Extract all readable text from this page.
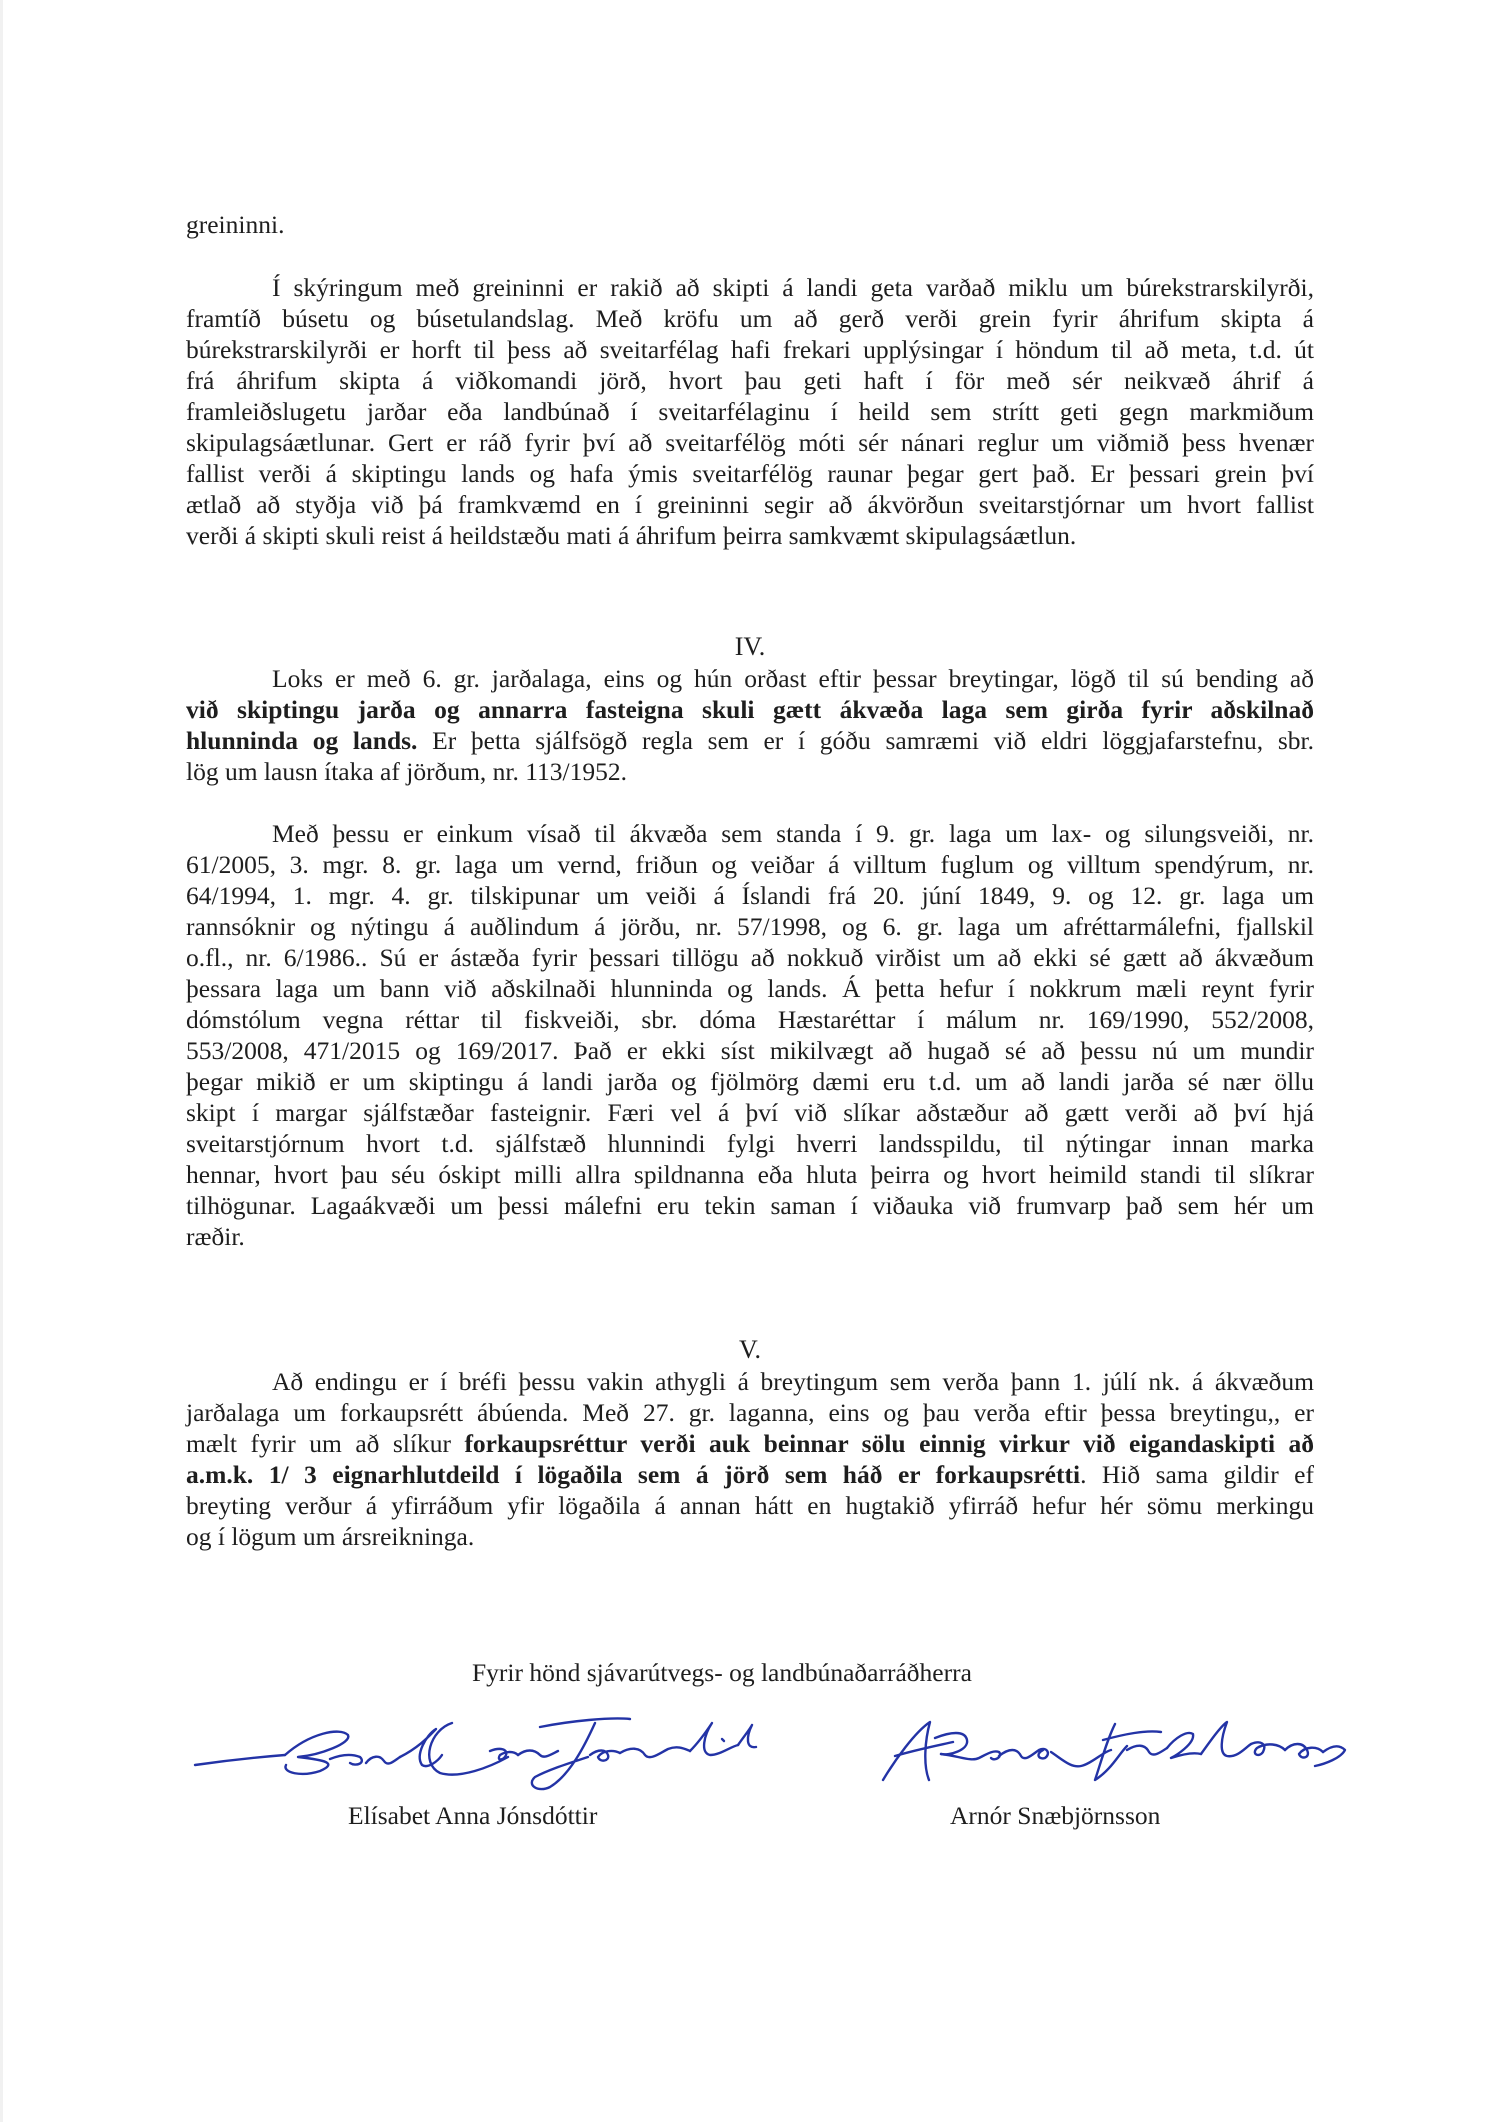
greininni.
Í skýringum með greininni er rakið að skipti á landi geta varðað miklu um búrekstrarskilyrði,
framtíð búsetu og búsetulandslag. Með kröfu um að gerð verði grein fyrir áhrifum skipta á
búrekstrarskilyrði er horft til þess að sveitarfélag hafi frekari upplýsingar í höndum til að meta, t.d. út
frá áhrifum skipta á viðkomandi jörð, hvort þau geti haft í för með sér neikvæð áhrif á
framleiðslugetu jarðar eða landbúnað í sveitarfélaginu í heild sem strítt geti gegn markmiðum
skipulagsáætlunar. Gert er ráð fyrir því að sveitarfélög móti sér nánari reglur um viðmið þess hvenær
fallist verði á skiptingu lands og hafa ýmis sveitarfélög raunar þegar gert það. Er þessari grein því
ætlað að styðja við þá framkvæmd en í greininni segir að ákvörðun sveitarstjórnar um hvort fallist
verði á skipti skuli reist á heildstæðu mati á áhrifum þeirra samkvæmt skipulagsáætlun.
IV.
Loks er með 6. gr. jarðalaga, eins og hún orðast eftir þessar breytingar, lögð til sú bending að
við skiptingu jarða og annarra fasteigna skuli gætt ákvæða laga sem girða fyrir aðskilnað
hlunninda og lands. Er þetta sjálfsögð regla sem er í góðu samræmi við eldri löggjafarstefnu, sbr.
lög um lausn ítaka af jörðum, nr. 113/1952.
Með þessu er einkum vísað til ákvæða sem standa í 9. gr. laga um lax- og silungsveiði, nr.
61/2005, 3. mgr. 8. gr. laga um vernd, friðun og veiðar á villtum fuglum og villtum spendýrum, nr.
64/1994, 1. mgr. 4. gr. tilskipunar um veiði á Íslandi frá 20. júní 1849, 9. og 12. gr. laga um
rannsóknir og nýtingu á auðlindum á jörðu, nr. 57/1998, og 6. gr. laga um afréttarmálefni, fjallskil
o.fl., nr. 6/1986.. Sú er ástæða fyrir þessari tillögu að nokkuð virðist um að ekki sé gætt að ákvæðum
þessara laga um bann við aðskilnaði hlunninda og lands. Á þetta hefur í nokkrum mæli reynt fyrir
dómstólum vegna réttar til fiskveiði, sbr. dóma Hæstaréttar í málum nr. 169/1990, 552/2008,
553/2008, 471/2015 og 169/2017. Það er ekki síst mikilvægt að hugað sé að þessu nú um mundir
þegar mikið er um skiptingu á landi jarða og fjölmörg dæmi eru t.d. um að landi jarða sé nær öllu
skipt í margar sjálfstæðar fasteignir. Færi vel á því við slíkar aðstæður að gætt verði að því hjá
sveitarstjórnum hvort t.d. sjálfstæð hlunnindi fylgi hverri landsspildu, til nýtingar innan marka
hennar, hvort þau séu óskipt milli allra spildnanna eða hluta þeirra og hvort heimild standi til slíkrar
tilhögunar. Lagaákvæði um þessi málefni eru tekin saman í viðauka við frumvarp það sem hér um
ræðir.
V.
Að endingu er í bréfi þessu vakin athygli á breytingum sem verða þann 1. júlí nk. á ákvæðum
jarðalaga um forkaupsrétt ábúenda. Með 27. gr. laganna, eins og þau verða eftir þessa breytingu,, er
mælt fyrir um að slíkur forkaupsréttur verði auk beinnar sölu einnig virkur við eigandaskipti að
a.m.k. 1/ 3 eignarhlutdeild í lögaðila sem á jörð sem háð er forkaupsrétti. Hið sama gildir ef
breyting verður á yfirráðum yfir lögaðila á annan hátt en hugtakið yfirráð hefur hér sömu merkingu
og í lögum um ársreikninga.
Fyrir hönd sjávarútvegs- og landbúnaðarráðherra
Elísabet Anna Jónsdóttir	Arnór Snæbjörnsson
